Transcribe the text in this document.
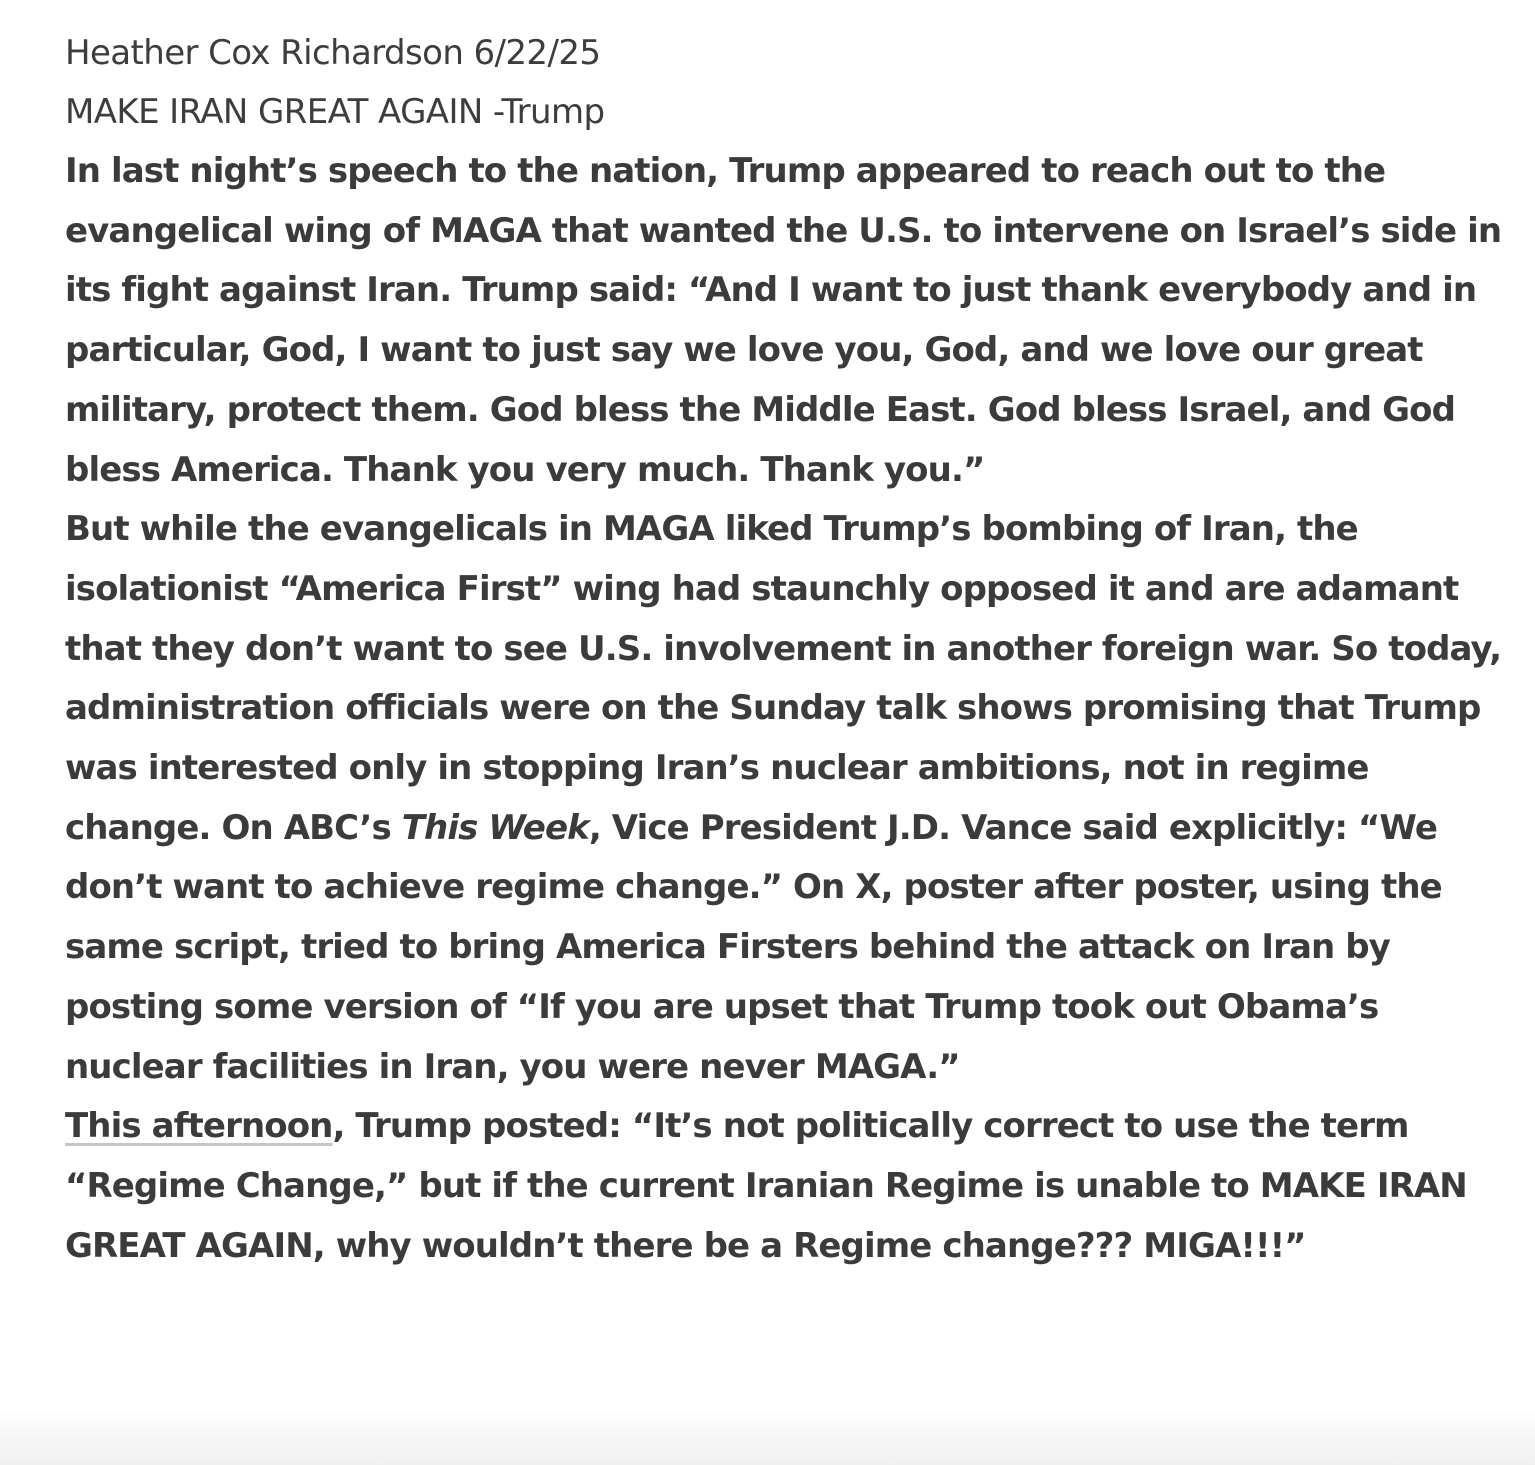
Heather Cox Richardson 6/22/25
MAKE IRAN GREAT AGAIN -Trump

In last night’s speech to the nation, Trump appeared to reach out to the evangelical wing of MAGA that wanted the U.S. to intervene on Israel’s side in its fight against Iran. Trump said: “And I want to just thank everybody and in particular, God, I want to just say we love you, God, and we love our great military, protect them. God bless the Middle East. God bless Israel, and God bless America. Thank you very much. Thank you.”

But while the evangelicals in MAGA liked Trump’s bombing of Iran, the isolationist “America First” wing had staunchly opposed it and are adamant that they don’t want to see U.S. involvement in another foreign war. So today, administration officials were on the Sunday talk shows promising that Trump was interested only in stopping Iran’s nuclear ambitions, not in regime change. On ABC’s This Week, Vice President J.D. Vance said explicitly: “We don’t want to achieve regime change.” On X, poster after poster, using the same script, tried to bring America Firsters behind the attack on Iran by posting some version of “If you are upset that Trump took out Obama’s nuclear facilities in Iran, you were never MAGA.”

This afternoon, Trump posted: “It’s not politically correct to use the term “Regime Change,” but if the current Iranian Regime is unable to MAKE IRAN GREAT AGAIN, why wouldn’t there be a Regime change??? MIGA!!!”
